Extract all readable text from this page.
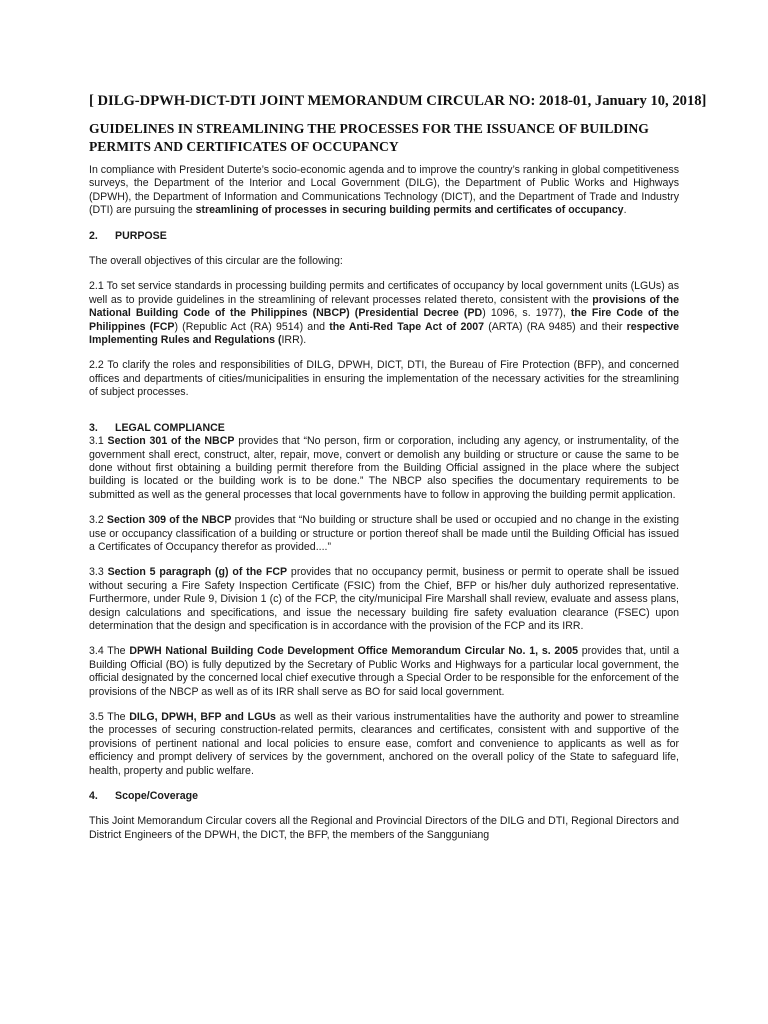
[ DILG-DPWH-DICT-DTI JOINT MEMORANDUM CIRCULAR NO: 2018-01, January 10, 2018]
GUIDELINES IN STREAMLINING THE PROCESSES FOR THE ISSUANCE OF BUILDING PERMITS AND CERTIFICATES OF OCCUPANCY

In compliance with President Duterte’s socio-economic agenda and to improve the country’s ranking in global competitiveness surveys, the Department of the Interior and Local Government (DILG), the Department of Public Works and Highways (DPWH), the Department of Information and Communications Technology (DICT), and the Department of Trade and Industry (DTI) are pursuing the streamlining of processes in securing building permits and certificates of occupancy.

2. PURPOSE

The overall objectives of this circular are the following:

2.1 To set service standards in processing building permits and certificates of occupancy by local government units (LGUs) as well as to provide guidelines in the streamlining of relevant processes related thereto, consistent with the provisions of the National Building Code of the Philippines (NBCP) (Presidential Decree (PD) 1096, s. 1977), the Fire Code of the Philippines (FCP) (Republic Act (RA) 9514) and the Anti-Red Tape Act of 2007 (ARTA) (RA 9485) and their respective Implementing Rules and Regulations (IRR).

2.2 To clarify the roles and responsibilities of DILG, DPWH, DICT, DTI, the Bureau of Fire Protection (BFP), and concerned offices and departments of cities/municipalities in ensuring the implementation of the necessary activities for the streamlining of subject processes.

3. LEGAL COMPLIANCE

3.1 Section 301 of the NBCP provides that “No person, firm or corporation, including any agency, or instrumentality, of the government shall erect, construct, alter, repair, move, convert or demolish any building or structure or cause the same to be done without first obtaining a building permit therefore from the Building Official assigned in the place where the subject building is located or the building work is to be done.” The NBCP also specifies the documentary requirements to be submitted as well as the general processes that local governments have to follow in approving the building permit application.

3.2 Section 309 of the NBCP provides that “No building or structure shall be used or occupied and no change in the existing use or occupancy classification of a building or structure or portion thereof shall be made until the Building Official has issued a Certificates of Occupancy therefor as provided....”

3.3 Section 5 paragraph (g) of the FCP provides that no occupancy permit, business or permit to operate shall be issued without securing a Fire Safety Inspection Certificate (FSIC) from the Chief, BFP or his/her duly authorized representative. Furthermore, under Rule 9, Division 1 (c) of the FCP, the city/municipal Fire Marshall shall review, evaluate and assess plans, design calculations and specifications, and issue the necessary building fire safety evaluation clearance (FSEC) upon determination that the design and specification is in accordance with the provision of the FCP and its IRR.

3.4 The DPWH National Building Code Development Office Memorandum Circular No. 1, s. 2005 provides that, until a Building Official (BO) is fully deputized by the Secretary of Public Works and Highways for a particular local government, the official designated by the concerned local chief executive through a Special Order to be responsible for the enforcement of the provisions of the NBCP as well as of its IRR shall serve as BO for said local government.

3.5 The DILG, DPWH, BFP and LGUs as well as their various instrumentalities have the authority and power to streamline the processes of securing construction-related permits, clearances and certificates, consistent with and supportive of the provisions of pertinent national and local policies to ensure ease, comfort and convenience to applicants as well as for efficiency and prompt delivery of services by the government, anchored on the overall policy of the State to safeguard life, health, property and public welfare.

4. Scope/Coverage

This Joint Memorandum Circular covers all the Regional and Provincial Directors of the DILG and DTI, Regional Directors and District Engineers of the DPWH, the DICT, the BFP, the members of the Sangguniang
